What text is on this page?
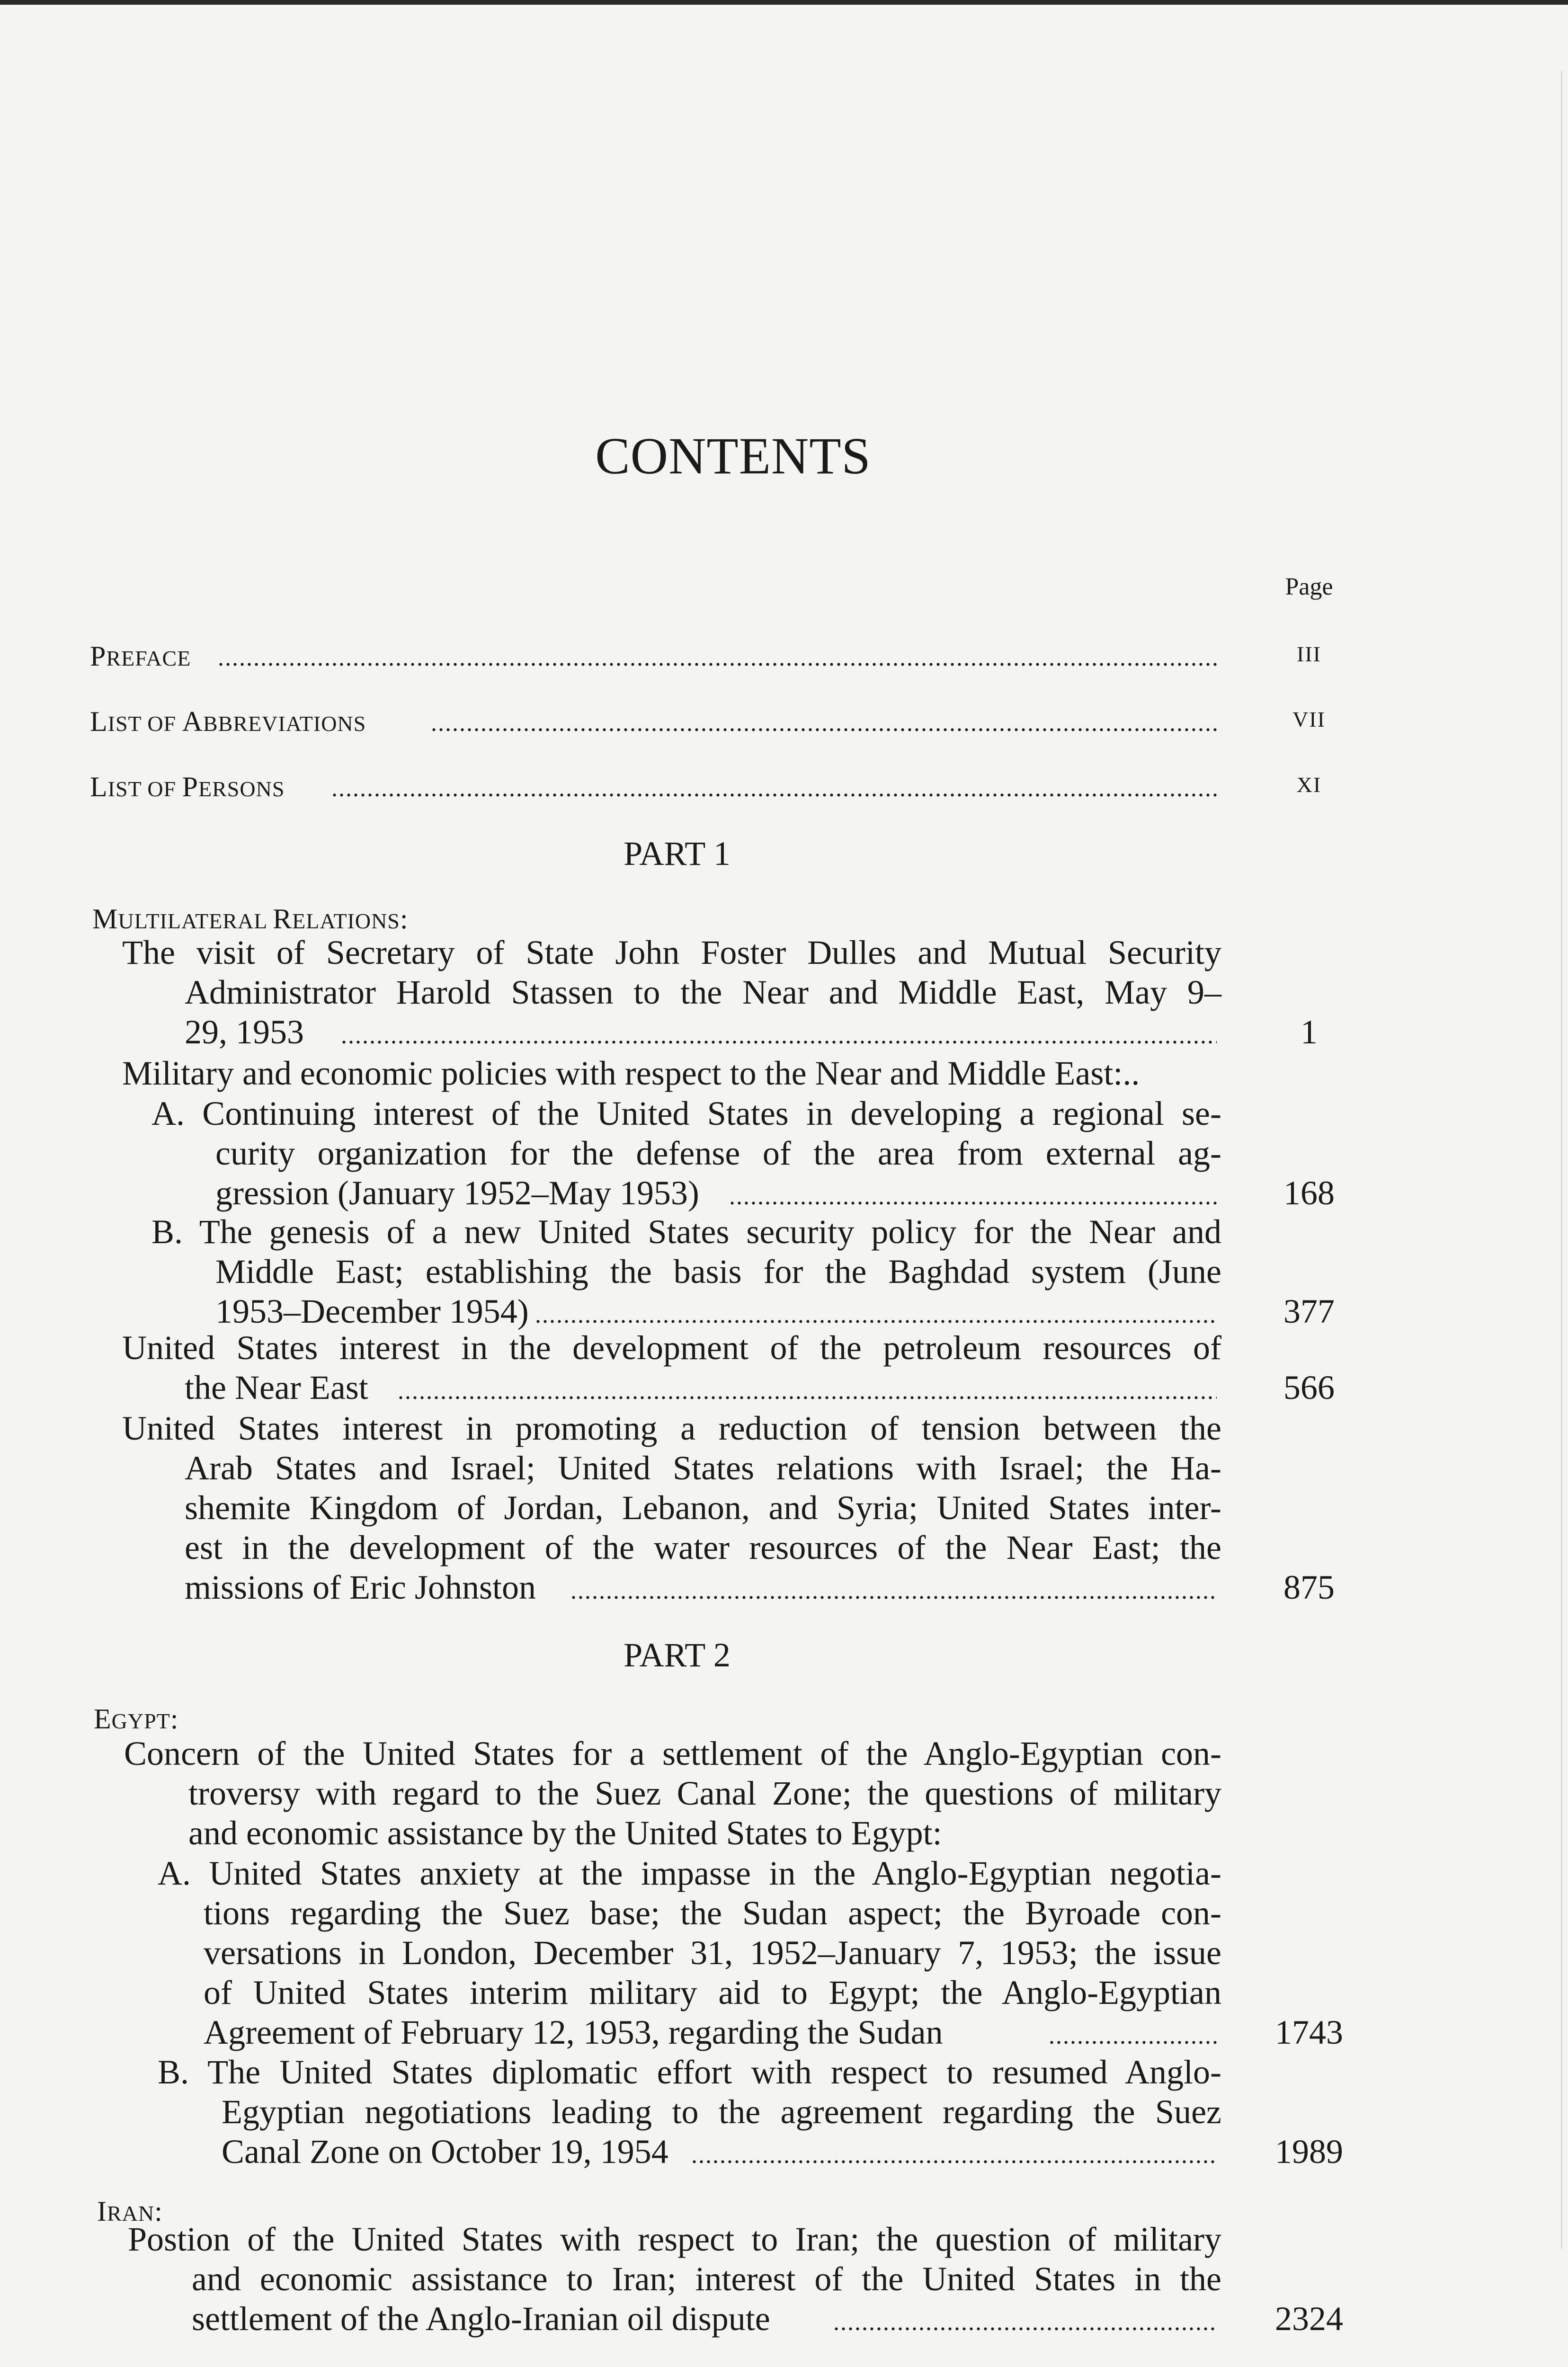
CONTENTS
Page
PREFACE .....	III
LIST OF ABBREVIATIONS .....	VII
LIST OF PERSONS .....	XI
PART 1
MULTILATERAL RELATIONS:
The visit of Secretary of State John Foster Dulles and Mutual Security
Administrator Harold Stassen to the Near and Middle East, May 9–
29, 1953 .....	1
Military and economic policies with respect to the Near and Middle East:..
A. Continuing interest of the United States in developing a regional se-
curity organization for the defense of the area from external ag-
gression (January 1952–May 1953) .....	168
B. The genesis of a new United States security policy for the Near and
Middle East; establishing the basis for the Baghdad system (June
1953–December 1954) .....	377
United States interest in the development of the petroleum resources of
the Near East .....	566
United States interest in promoting a reduction of tension between the
Arab States and Israel; United States relations with Israel; the Ha-
shemite Kingdom of Jordan, Lebanon, and Syria; United States inter-
est in the development of the water resources of the Near East; the
missions of Eric Johnston .....	875
PART 2
EGYPT:
Concern of the United States for a settlement of the Anglo-Egyptian con-
troversy with regard to the Suez Canal Zone; the questions of military
and economic assistance by the United States to Egypt:
A. United States anxiety at the impasse in the Anglo-Egyptian negotia-
tions regarding the Suez base; the Sudan aspect; the Byroade con-
versations in London, December 31, 1952–January 7, 1953; the issue
of United States interim military aid to Egypt; the Anglo-Egyptian
Agreement of February 12, 1953, regarding the Sudan .....	1743
B. The United States diplomatic effort with respect to resumed Anglo-
Egyptian negotiations leading to the agreement regarding the Suez
Canal Zone on October 19, 1954 .....	1989
IRAN:
Postion of the United States with respect to Iran; the question of military
and economic assistance to Iran; interest of the United States in the
settlement of the Anglo-Iranian oil dispute .....	2324
